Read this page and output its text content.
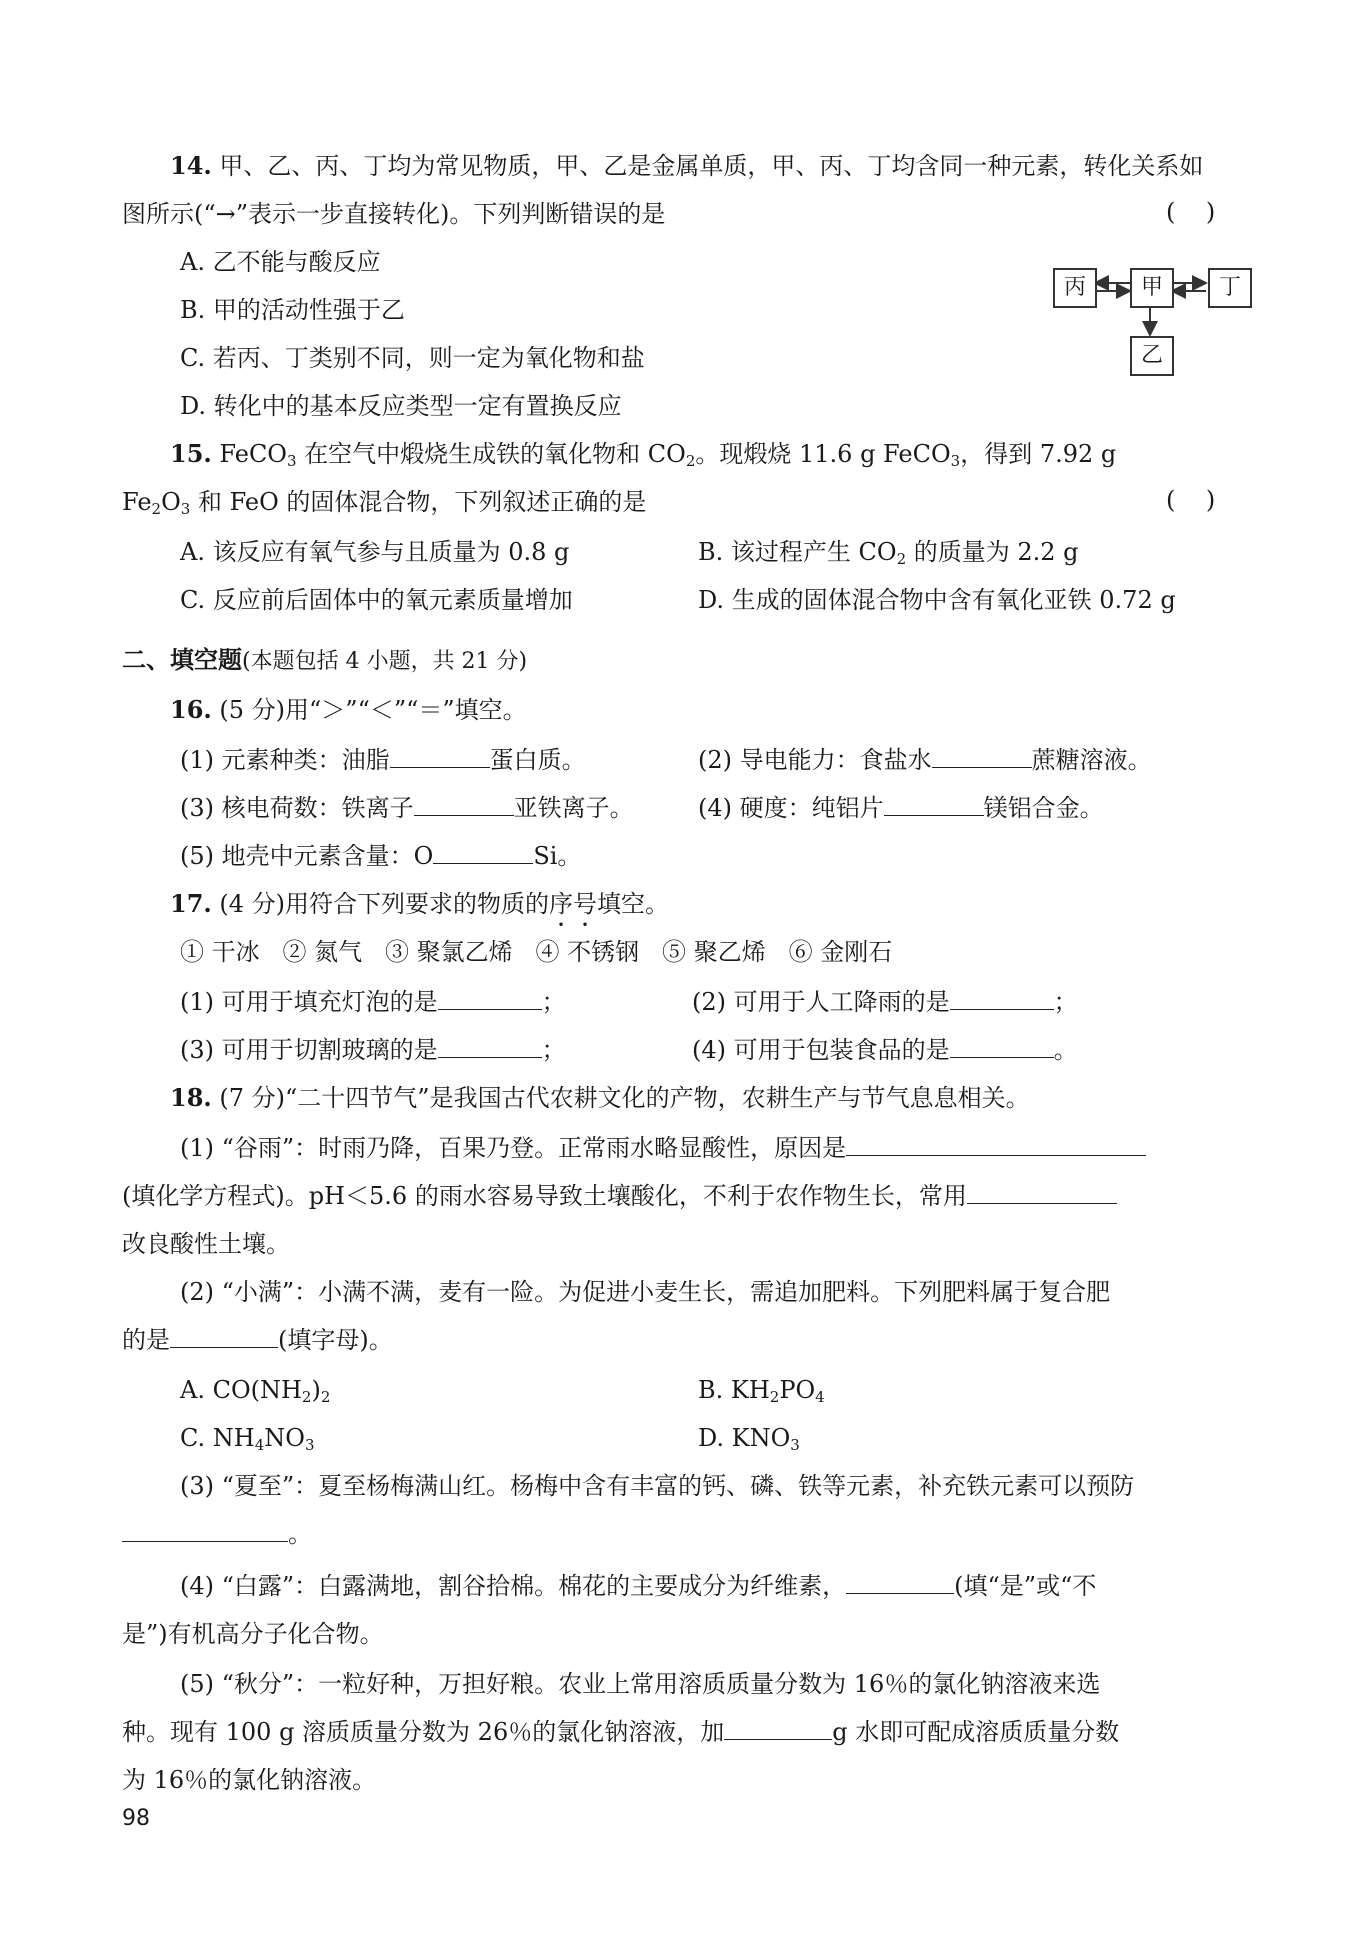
14. 甲、乙、丙、丁均为常见物质，甲、乙是金属单质，甲、丙、丁均含同一种元素，转化关系如
图所示(“→”表示一步直接转化)。下列判断错误的是	(    )
A. 乙不能与酸反应
B. 甲的活动性强于乙
C. 若丙、丁类别不同，则一定为氧化物和盐
D. 转化中的基本反应类型一定有置换反应
丙	甲	丁
乙
15. FeCO$_3$ 在空气中煅烧生成铁的氧化物和 $CO_2$。现煅烧 11.6 g FeCO$_3$，得到 7.92 g
$Fe_2O_3$ 和 FeO 的固体混合物，下列叙述正确的是	(    )
A. 该反应有氧气参与且质量为 0.8 g	B. 该过程产生 $CO_2$ 的质量为 2.2 g
C. 反应前后固体中的氧元素质量增加	D. 生成的固体混合物中含有氧化亚铁 0.72 g
二、填空题(本题包括 4 小题，共 21 分)
16. (5 分)用“＞”“＜”“＝”填空。
(1) 元素种类：油脂	蛋白质。	(2) 导电能力：食盐水	蔗糖溶液。
(3) 核电荷数：铁离子	亚铁离子。	(4) 硬度：纯铝片	镁铝合金。
(5) 地壳中元素含量：O	Si。
17. (4 分)用符合下列要求的物质的序号填空。
① 干冰   ② 氮气   ③ 聚氯乙烯   ④ 不锈钢   ⑤ 聚乙烯   ⑥ 金刚石
(1) 可用于填充灯泡的是	；	(2) 可用于人工降雨的是	；
(3) 可用于切割玻璃的是	；	(4) 可用于包装食品的是	。
18. (7 分)“二十四节气”是我国古代农耕文化的产物，农耕生产与节气息息相关。
(1) “谷雨”：时雨乃降，百果乃登。正常雨水略显酸性，原因是
(填化学方程式)。pH＜5.6 的雨水容易导致土壤酸化，不利于农作物生长，常用
改良酸性土壤。
(2) “小满”：小满不满，麦有一险。为促进小麦生长，需追加肥料。下列肥料属于复合肥
的是	(填字母)。
A. $CO(NH_2)_2$	B. $KH_2PO_4$
C. $NH_4NO_3$	D. $KNO_3$
(3) “夏至”：夏至杨梅满山红。杨梅中含有丰富的钙、磷、铁等元素，补充铁元素可以预防
。
(4) “白露”：白露满地，割谷拾棉。棉花的主要成分为纤维素，	(填“是”或“不
是”)有机高分子化合物。
(5) “秋分”：一粒好种，万担好粮。农业上常用溶质质量分数为 16％的氯化钠溶液来选
种。现有 100 g 溶质质量分数为 26％的氯化钠溶液，加	g 水即可配成溶质质量分数
为 16％的氯化钠溶液。
98
